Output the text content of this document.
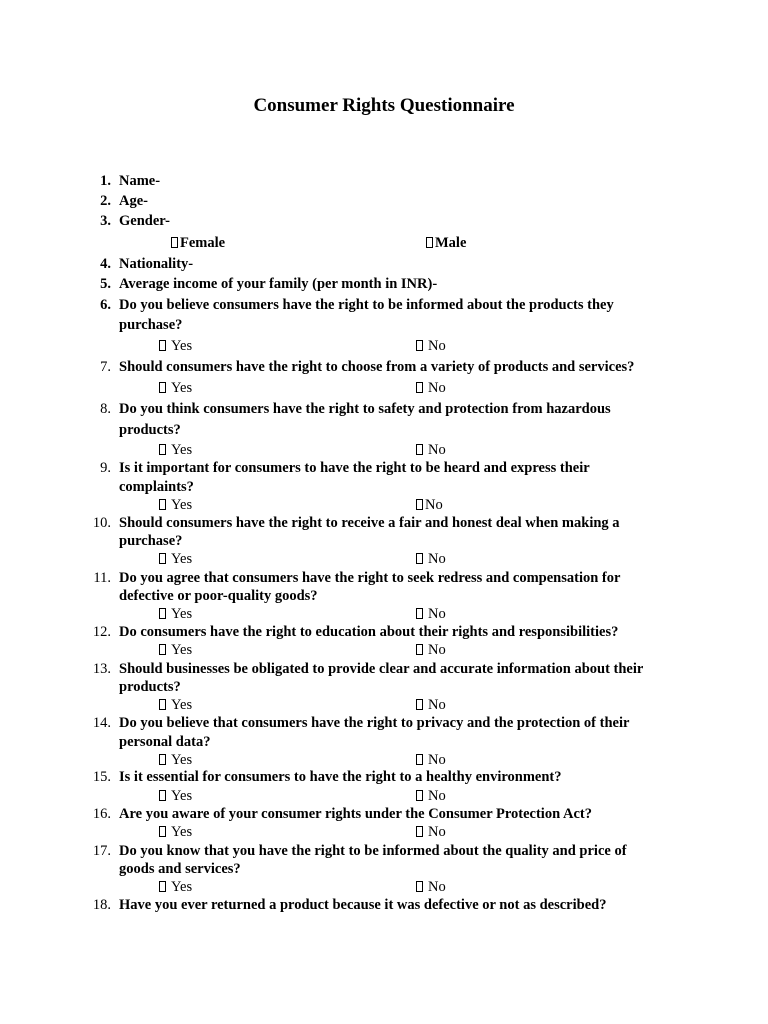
Consumer Rights Questionnaire
1. Name-
2. Age-
3. Gender-
Female	Male
4. Nationality-
5. Average income of your family (per month in INR)-
6. Do you believe consumers have the right to be informed about the products they
purchase?
Yes	No
7. Should consumers have the right to choose from a variety of products and services?
Yes	No
8. Do you think consumers have the right to safety and protection from hazardous
products?
Yes	No
9. Is it important for consumers to have the right to be heard and express their
complaints?
Yes	No
10. Should consumers have the right to receive a fair and honest deal when making a
purchase?
Yes	No
11. Do you agree that consumers have the right to seek redress and compensation for
defective or poor-quality goods?
Yes	No
12. Do consumers have the right to education about their rights and responsibilities?
Yes	No
13. Should businesses be obligated to provide clear and accurate information about their
products?
Yes	No
14. Do you believe that consumers have the right to privacy and the protection of their
personal data?
Yes	No
15. Is it essential for consumers to have the right to a healthy environment?
Yes	No
16. Are you aware of your consumer rights under the Consumer Protection Act?
Yes	No
17. Do you know that you have the right to be informed about the quality and price of
goods and services?
Yes	No
18. Have you ever returned a product because it was defective or not as described?
